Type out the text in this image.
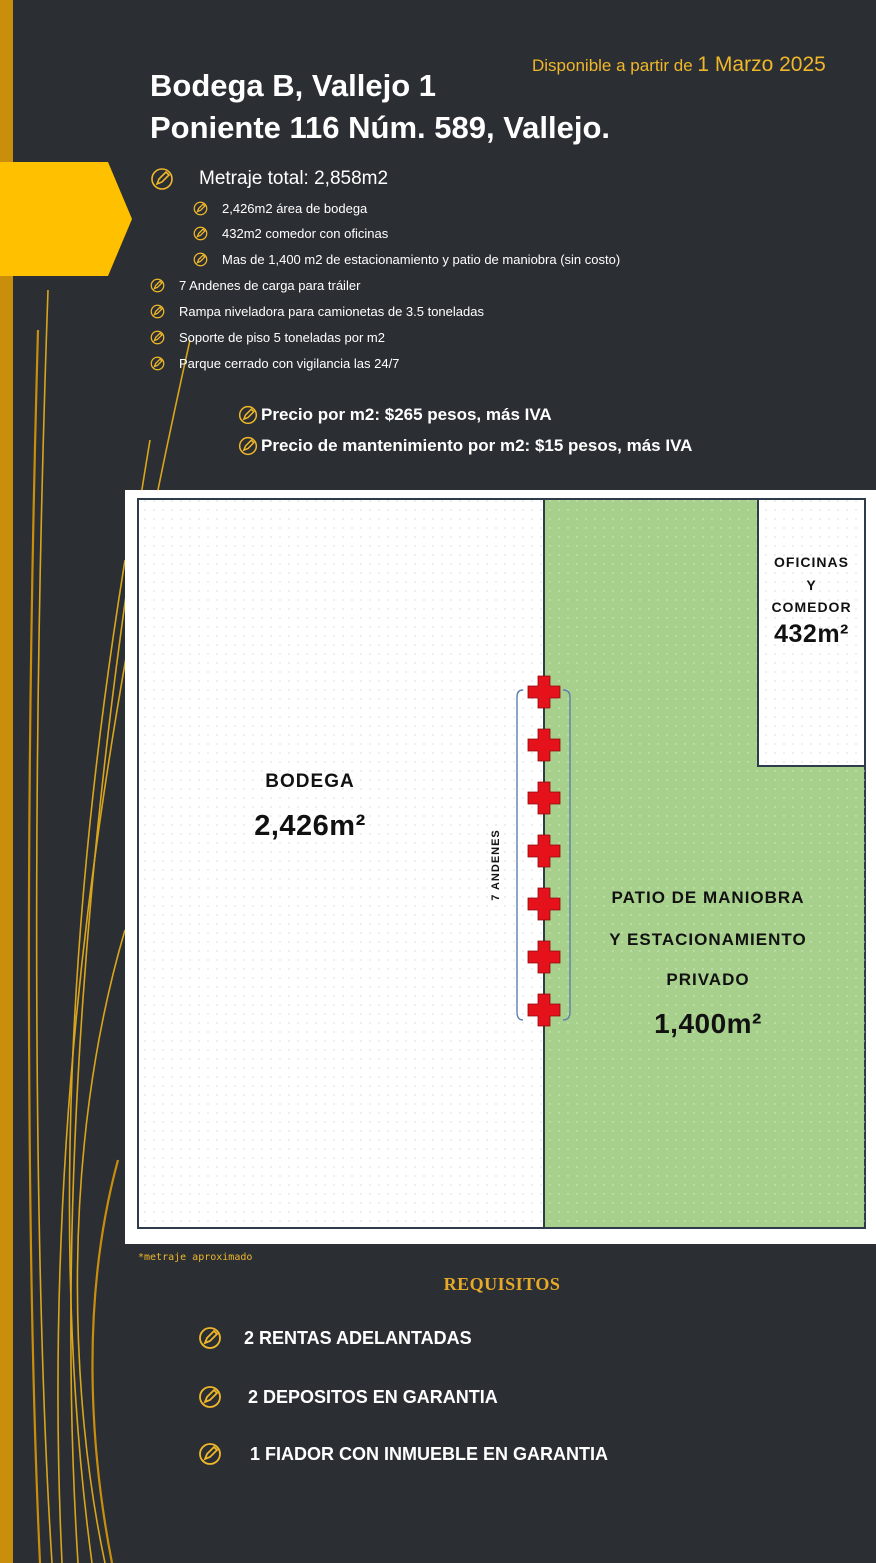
Disponible a partir de 1 Marzo 2025
Bodega B, Vallejo 1
Poniente 116 Núm. 589, Vallejo.
Metraje total: 2,858m2
2,426m2 área de bodega
432m2 comedor con oficinas
Mas de 1,400 m2 de estacionamiento y patio de maniobra (sin costo)
7 Andenes de carga para tráiler
Rampa niveladora para camionetas de 3.5 toneladas
Soporte de piso 5 toneladas por m2
Parque cerrado con vigilancia las 24/7
Precio por m2: $265 pesos, más IVA
Precio de mantenimiento por m2: $15 pesos, más IVA
BODEGA
2,426m²
OFICINAS
Y
COMEDOR
432m²
PATIO DE MANIOBRA
Y ESTACIONAMIENTO
PRIVADO
1,400m²
7 ANDENES
*metraje aproximado
REQUISITOS
2 RENTAS ADELANTADAS
2 DEPOSITOS EN GARANTIA
1 FIADOR CON INMUEBLE EN GARANTIA
